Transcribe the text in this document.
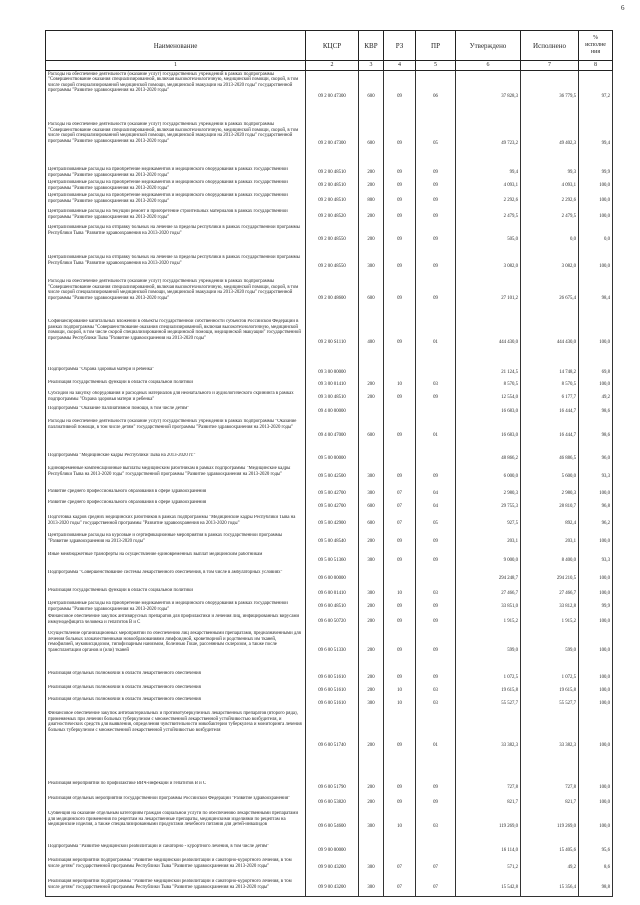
6
Наименование	КЦСР	КВР	РЗ	ПР	Утверждено	Исполнено	%
исполне
ния

1	2	3	4	5	6	7	8
Расходы на обеспечение деятельности (оказание услуг) государственных учреждений в рамках подпрограммы "Совершенствование оказания специализированной, включая высокотехнологичную, медицинской помощи, скорой, в том числе скорой специализированной медицинской помощи, медицинской эвакуации на 2013-2020 годы" государственной программы "Развитие здравоохранения на 2013-2020 годы"	09 2 00 47300	600	09	06	37 828,3	36 779,5	97,2
Расходы на обеспечение деятельности (оказание услуг) государственных учреждений в рамках подпрограммы "Совершенствование оказания специализированной, включая высокотехнологичную, медицинской помощи, скорой, в том числе скорой специализированной медицинской помощи, медицинской эвакуации на 2013-2020 годы" государственной программы "Развитие здравоохранения на 2013-2020 годы"	09 2 00 47300	600	09	05	49 723,2	49 402,3	99,4
Централизованные расходы на приобретение медикаментов и медицинского оборудования в рамках государственной программы "Развитие здравоохранения на 2013-2020 годы"	09 2 00 48510	200	09	09	99,4	99,3	99,9
Централизованные расходы на приобретение медикаментов и медицинского оборудования в рамках государственной программы "Развитие здравоохранения на 2013-2020 годы"	09 2 00 48510	200	09	09	4 093,1	4 093,1	100,0
Централизованные расходы на приобретение медикаментов и медицинского оборудования в рамках государственной программы "Развитие здравоохранения на 2013-2020 годы"	09 2 00 48510	800	09	09	2 292,6	2 292,6	100,0
Централизованные расходы на текущий ремонт и приобретение строительных материалов в рамках государственной программы "Развитие здравоохранения на 2013-2020 годы"	09 2 00 48520	200	09	09	2 479,5	2 479,5	100,0
Централизованные расходы на отправку больных на лечение за пределы республики в рамках государственной программы Республики Тыва "Развитие здравоохранения на 2013-2020 годы"	09 2 00 48550	200	09	09	505,0	0,0	0,0
Централизованные расходы на отправку больных на лечение за пределы республики в рамках государственной программы Республики Тыва "Развитие здравоохранения на 2013-2020 годы"	09 2 00 48550	300	09	09	3 082,0	3 082,0	100,0
Расходы на обеспечение деятельности (оказание услуг) государственных учреждений в рамках подпрограммы "Совершенствование оказания специализированной, включая высокотехнологичную, медицинской помощи, скорой, в том числе скорой специализированной медицинской помощи, медицинской эвакуации на 2013-2020 годы" государственной программы "Развитие здравоохранения на 2013-2020 годы"	09 2 00 48600	600	09	09	27 101,2	26 675,4	98,4
Софинансирование капитальных вложений в объекты государственной собственности субъектов Российской Федерации в рамках подпрограммы "Совершенствование оказания специализированной, включая высокотехнологичную, медицинской помощи, скорой, в том числе скорой специализированной медицинской помощи, медицинской эвакуации" государственной программы Республики Тыва "Развитие здравоохранения на 2013-2020 годы"	09 2 00 S1110	400	09	01	444 430,0	444 430,0	100,0
Подпрограмма "Охрана здоровья матери и ребенка"	09 3 00 00000				21 124,5	14 748,2	69,8
Реализация государственных функций в области социальной политики	09 3 00 01410	200	10	03	8 570,5	8 570,5	100,0
Субсидии на закупку оборудования и расходных материалов для неонатального и аудиологического скрининга в рамках подпрограммы "Охрана здоровья матери и ребенка"	09 3 00 48510	200	09	09	12 554,0	6 177,7	49,2
Подпрограмма "Оказание паллиативной помощи, в том числе детям"	09 4 00 00000				16 683,0	16 444,7	98,6
Расходы на обеспечение деятельности (оказание услуг) государственных учреждений в рамках подпрограммы "Оказание паллиативной помощи, в том числе детям" государственной программы "Развитие здравоохранения на 2013-2020 годы"	09 4 00 47000	600	09	01	16 683,0	16 444,7	98,6
Подпрограмма "Медицинские кадры Республики Тыва на 2013-2020 гг."	09 5 00 00000				48 866,2	46 886,5	96,0
Единовременные компенсационные выплаты медицинским работникам в рамках подпрограммы "Медицинские кадры Республики Тыва на 2013-2020 годы" государственной программы "Развитие здравоохранения на 2013-2020 годы"	09 5 00 42500	300	09	09	6 000,0	5 600,0	93,3
Развитие среднего профессионального образования в сфере здравоохранения	09 5 00 42700	300	07	04	2 980,3	2 980,3	100,0
Развитие среднего профессионального образования в сфере здравоохранения	09 5 00 42700	600	07	04	29 755,3	28 810,7	96,8
Подготовка кадров средних медицинских работников в рамках подпрограммы "Медицинские кадры Республики Тыва на 2013-2020 годы" государственной программы "Развитие здравоохранения на 2013-2020 годы"	09 5 00 42900	600	07	05	927,5	892,4	96,2
Централизованные расходы на курсовые и сертификационные мероприятия в рамках государственной программы "Развитие здравоохранения на 2013-2020 годы"	09 5 00 48540	200	09	09	203,1	203,1	100,0
Иные межбюджетные трансферты на осуществление единовременных выплат медицинским работникам	09 5 00 51360	300	09	09	9 000,0	8 400,0	93,3
Подпрограмма "Совершенствование системы лекарственного обеспечения, в том числе в амбулаторных условиях"	09 6 00 00000				294 248,7	294 210,5	100,0
Реализация государственных функций в области социальной политики	09 6 00 01410	300	10	03	27 466,7	27 466,7	100,0
Централизованные расходы на приобретение медикаментов и медицинского оборудования в рамках государственной программы "Развитие здравоохранения на 2013-2020 годы"	09 6 00 48510	200	09	09	33 851,0	33 812,8	99,9
Финансовое обеспечение закупок антивирусных препаратов для профилактики и лечения лиц, инфицированных вирусами иммунодефицита человека и гепатитов В и С	09 6 00 50720	200	09	09	1 915,2	1 915,2	100,0
Осуществление организационных мероприятий по обеспечению лиц лекарственными препаратами, предназначенными для лечения больных злокачественными новообразованиями лимфоидной, кроветворной и родственных им тканей, гемофилией, муковисцидозом, гипофизарным нанизмом, болезнью Гоше, рассеянным склерозом, а также после трансплантации органов и (или) тканей	09 6 00 51330	200	09	09	599,0	599,0	100,0
Реализация отдельных полномочий в области лекарственного обеспечения	09 6 00 51610	200	09	09	1 072,5	1 072,5	100,0
Реализация отдельных полномочий в области лекарственного обеспечения	09 6 00 51610	200	10	03	19 615,8	19 615,8	100,0
Реализация отдельных полномочий в области лекарственного обеспечения	09 6 00 51610	300	10	03	55 527,7	55 527,7	100,0
Финансовое обеспечение закупок антибактериальных и противотуберкулезных лекарственных препаратов (второго ряда), применяемых при лечении больных туберкулезом с множественной лекарственной устойчивостью возбудителя, и диагностических средств для выявления, определения чувствительности микобактерии туберкулеза и мониторинга лечения больных туберкулезом с множественной лекарственной устойчивостью возбудителя	09 6 00 51740	200	09	01	33 382,3	33 382,3	100,0
Реализация мероприятий по профилактике ВИЧ-инфекции и гепатитов В и С	09 6 00 51790	200	09	09	727,8	727,8	100,0
Реализация отдельных мероприятий государственной программы Российской Федерации "Развитие здравоохранения"	09 6 00 53820	200	09	09	821,7	821,7	100,0
Субвенция на оказание отдельным категориям граждан социальной услуги по обеспечению лекарственными препаратами для медицинского применения по рецептам на лекарственные препараты, медицинскими изделиями по рецептам на медицинские изделия, а также специализированными продуктами лечебного питания для детей-инвалидов	09 6 00 54600	300	10	03	119 269,0	119 269,0	100,0
Подпрограмма "Развитие медицинской реабилитации и санаторно - курортного лечения, в том числе детям"	09 9 00 00000				16 114,0	15 405,6	95,6
Реализация мероприятий подпрограммы "Развитие медицинской реабилитации и санаторно-курортного лечения, в том числе детям" государственной программы Республики Тыва "Развитие здравоохранения на 2013-2020 годы"	09 9 00 43200	300	07	07	571,2	49,2	8,6
Реализация мероприятий подпрограммы "Развитие медицинской реабилитации и санаторно-курортного лечения, в том числе детям" государственной программы Республики Тыва "Развитие здравоохранения на 2013-2020 годы"	09 9 00 43200	300	07	07	15 542,8	15 356,4	98,8
